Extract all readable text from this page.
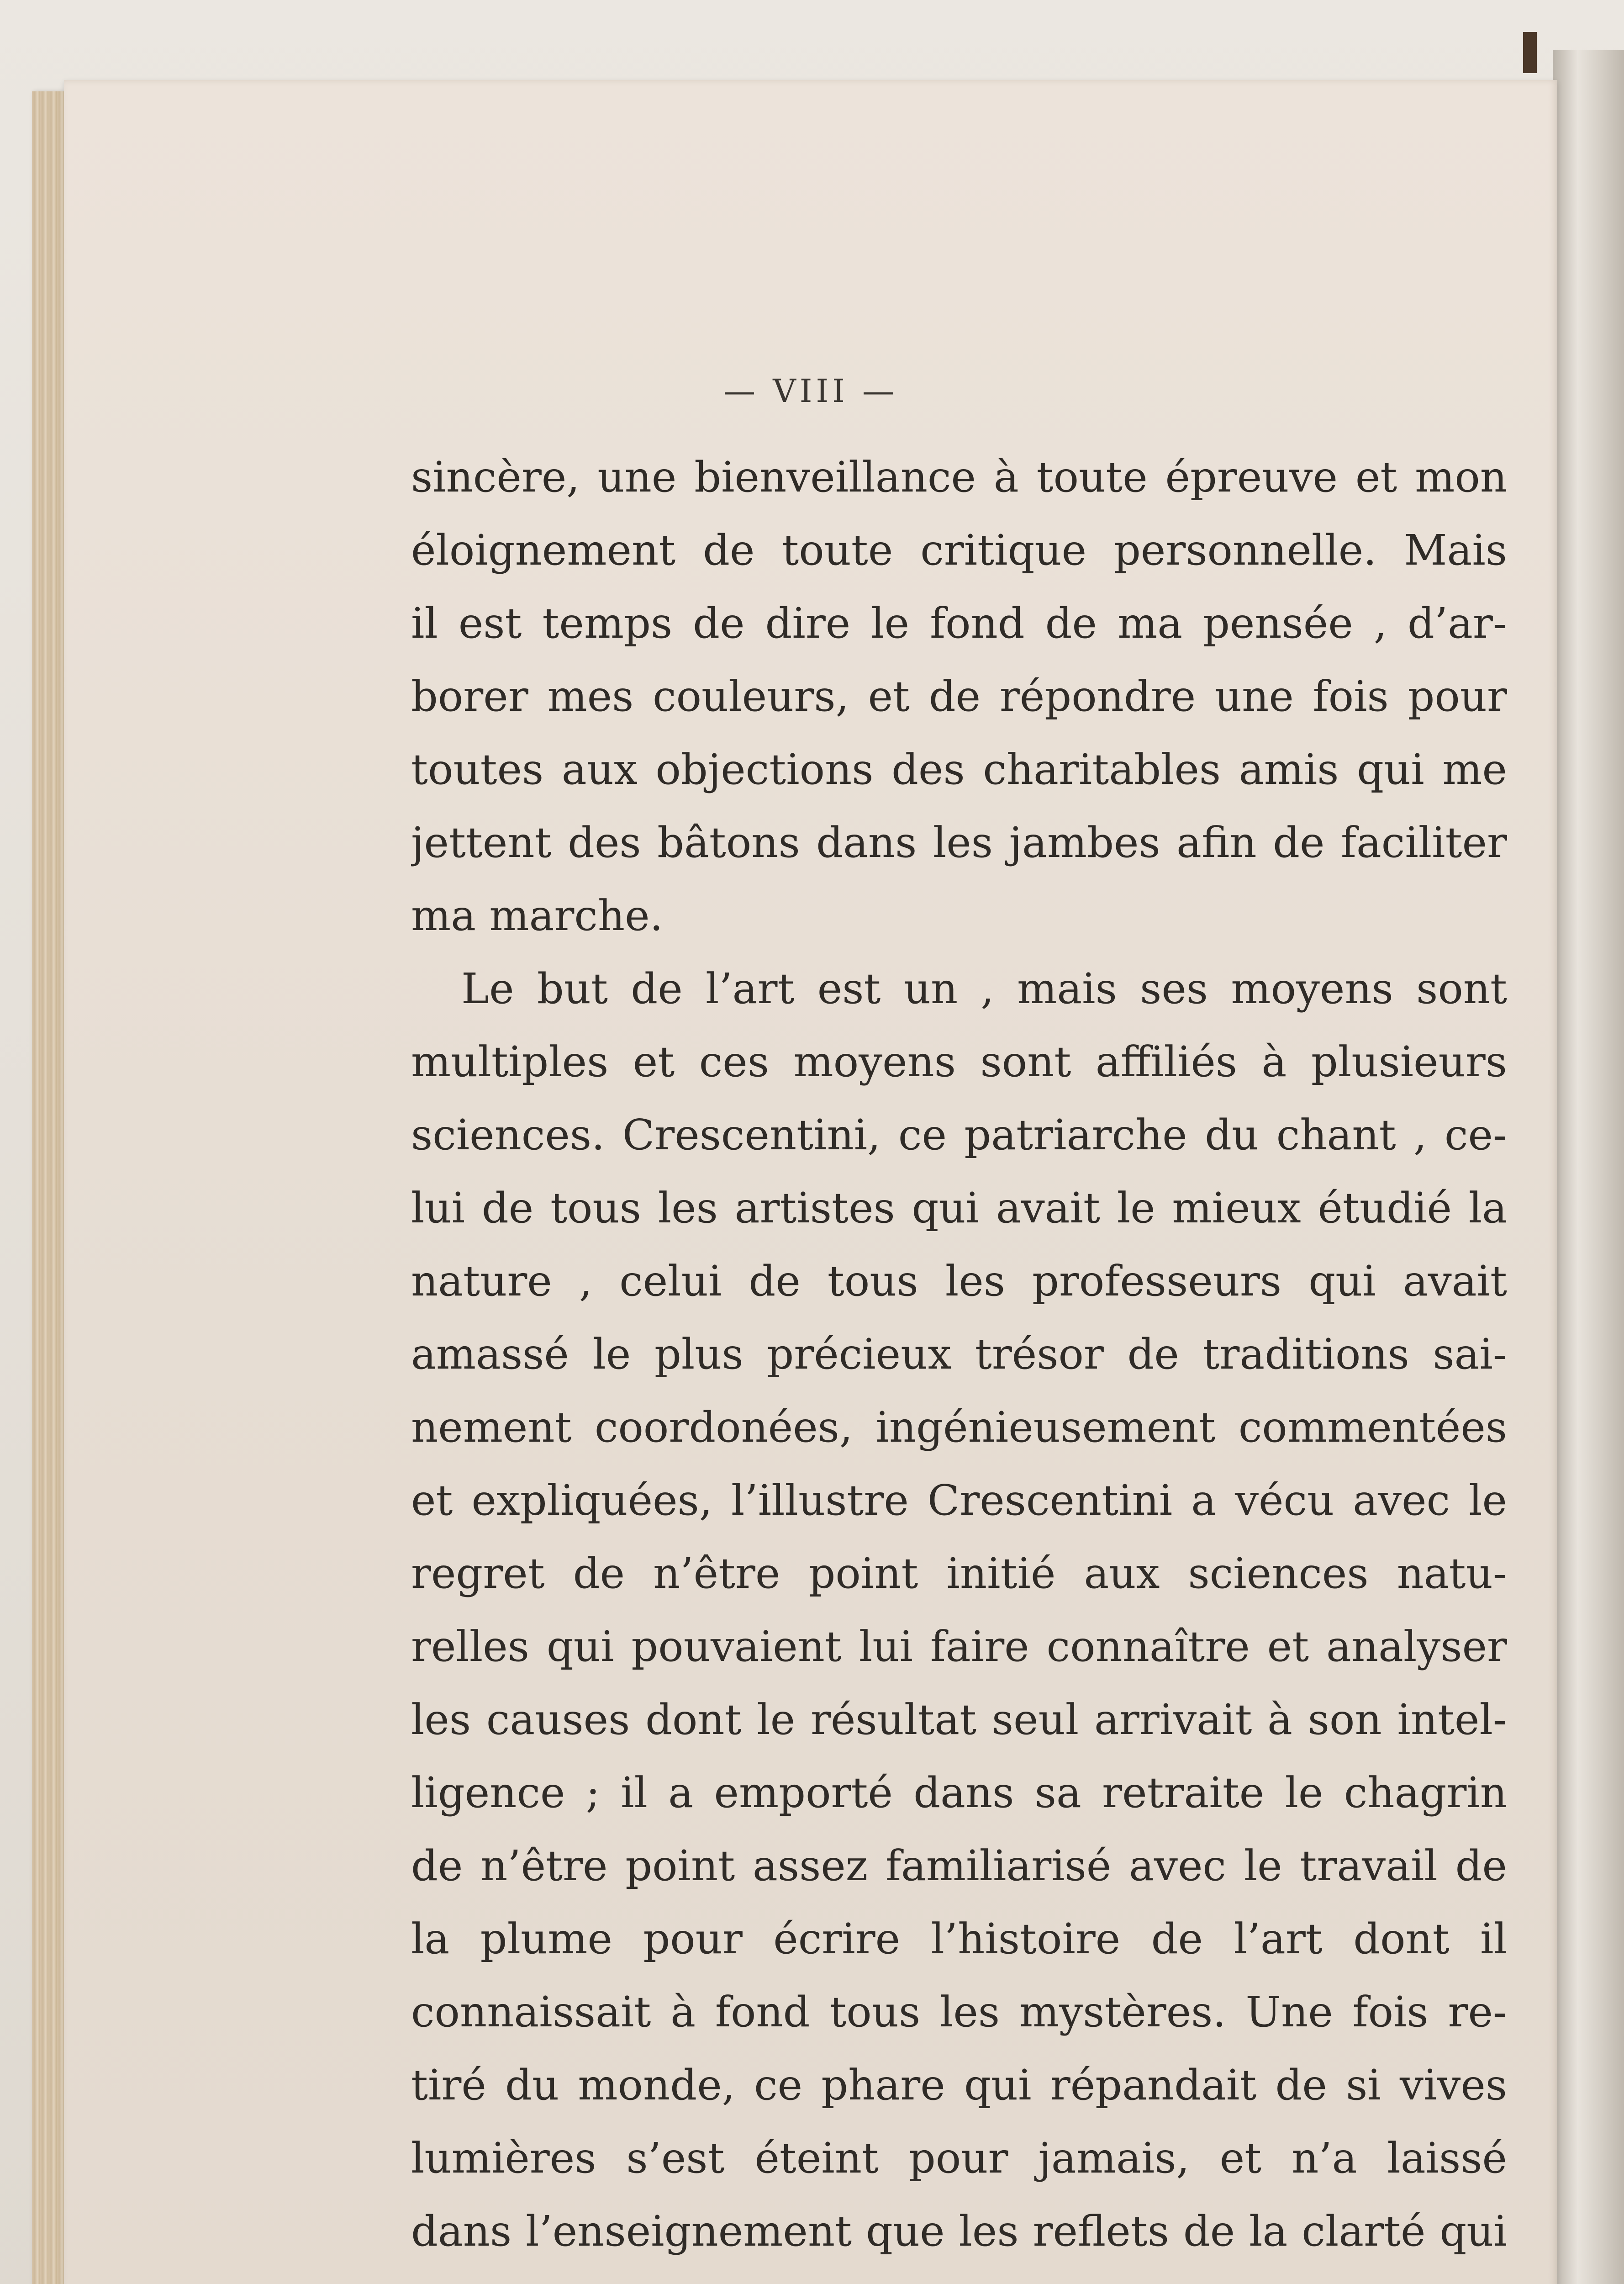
— VIII —
sincère, une bienveillance à toute épreuve et mon
éloignement de toute critique personnelle. Mais
il est temps de dire le fond de ma pensée , d’ar-
borer mes couleurs, et de répondre une fois pour
toutes aux objections des charitables amis qui me
jettent des bâtons dans les jambes afin de faciliter
ma marche.
Le but de l’art est un , mais ses moyens sont
multiples et ces moyens sont affiliés à plusieurs
sciences. Crescentini, ce patriarche du chant , ce-
lui de tous les artistes qui avait le mieux étudié la
nature , celui de tous les professeurs qui avait
amassé le plus précieux trésor de traditions sai-
nement coordonées, ingénieusement commentées
et expliquées, l’illustre Crescentini a vécu avec le
regret de n’être point initié aux sciences natu-
relles qui pouvaient lui faire connaître et analyser
les causes dont le résultat seul arrivait à son intel-
ligence ; il a emporté dans sa retraite le chagrin
de n’être point assez familiarisé avec le travail de
la plume pour écrire l’histoire de l’art dont il
connaissait à fond tous les mystères. Une fois re-
tiré du monde, ce phare qui répandait de si vives
lumières s’est éteint pour jamais, et n’a laissé
dans l’enseignement que les reflets de la clarté qui
